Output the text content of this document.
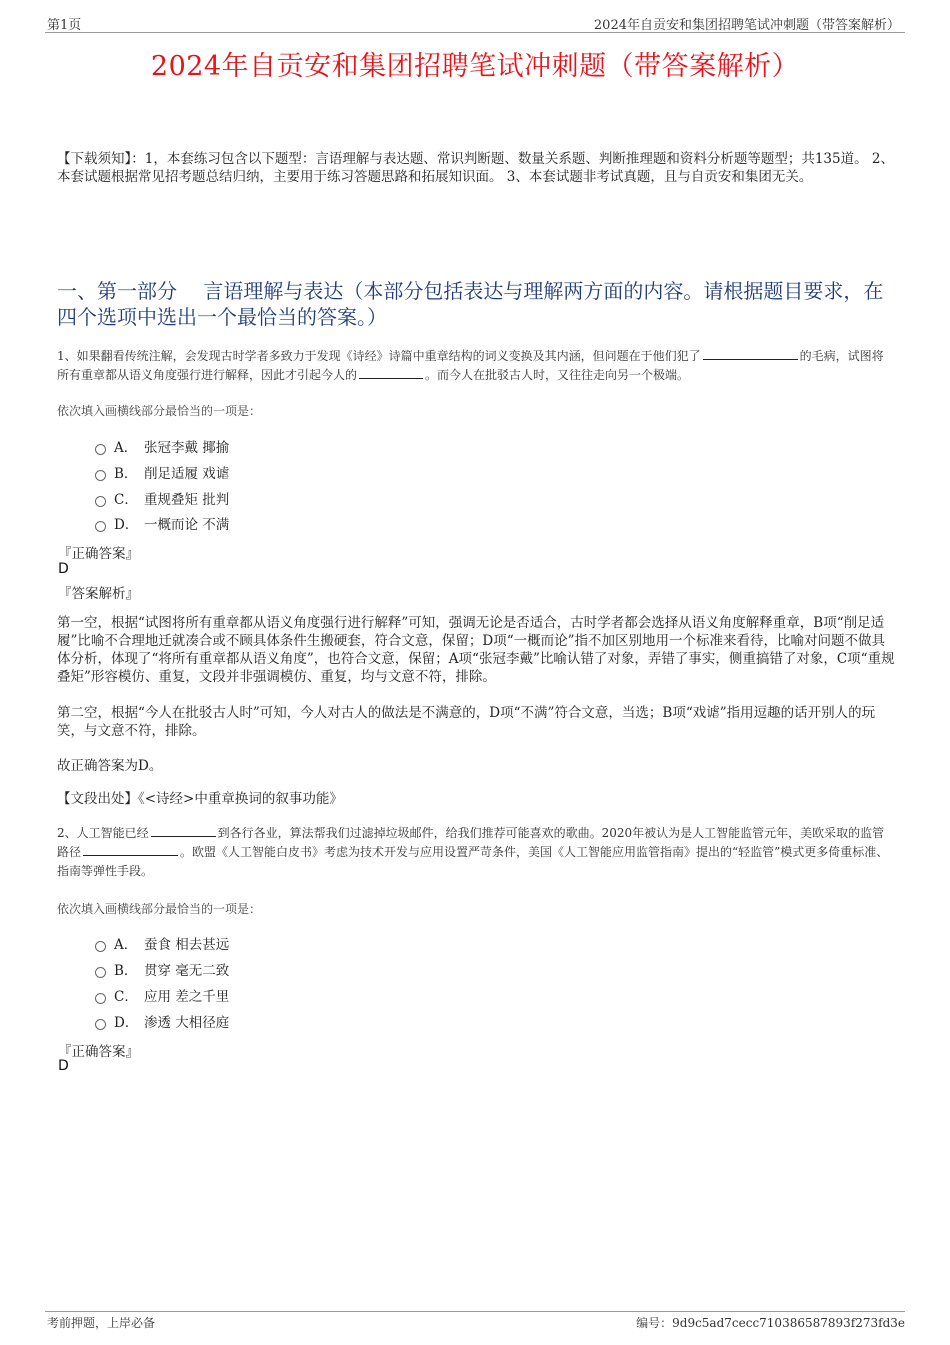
第1页	2024年自贡安和集团招聘笔试冲刺题（带答案解析）
2024年自贡安和集团招聘笔试冲刺题（带答案解析）
【下载须知】：1，本套练习包含以下题型：言语理解与表达题、常识判断题、数量关系题、判断推理题和资料分析题等题型；共135道。 2、本套试题根据常见招考题总结归纳，主要用于练习答题思路和拓展知识面。 3、本套试题非考试真题，且与自贡安和集团无关。
一、第一部分　 言语理解与表达（本部分包括表达与理解两方面的内容。请根据题目要求，在四个选项中选出一个最恰当的答案。）
1、如果翻看传统注解，会发现古时学者多致力于发现《诗经》诗篇中重章结构的词义变换及其内涵，但问题在于他们犯了	的毛病，试图将所有重章都从语义角度强行进行解释，因此才引起今人的	。而今人在批驳古人时，又往往走向另一个极端。
依次填入画横线部分最恰当的一项是：
A． 张冠李戴 揶揄
B． 削足适履 戏谑
C． 重规叠矩 批判
D． 一概而论 不满
『正确答案』
D
『答案解析』
第一空，根据“试图将所有重章都从语义角度强行进行解释”可知，强调无论是否适合，古时学者都会选择从语义角度解释重章，B项“削足适履”比喻不合理地迁就凑合或不顾具体条件生搬硬套，符合文意，保留；D项“一概而论”指不加区别地用一个标准来看待，比喻对问题不做具体分析，体现了“将所有重章都从语义角度”，也符合文意，保留；A项“张冠李戴”比喻认错了对象，弄错了事实，侧重搞错了对象，C项“重规叠矩”形容模仿、重复，文段并非强调模仿、重复，均与文意不符，排除。
第二空，根据“今人在批驳古人时”可知，今人对古人的做法是不满意的，D项“不满”符合文意，当选；B项“戏谑”指用逗趣的话开别人的玩笑，与文意不符，排除。
故正确答案为D。
【文段出处】《<诗经>中重章换词的叙事功能》
2、人工智能已经	到各行各业，算法帮我们过滤掉垃圾邮件，给我们推荐可能喜欢的歌曲。2020年被认为是人工智能监管元年，美欧采取的监管路径	。欧盟《人工智能白皮书》考虑为技术开发与应用设置严苛条件，美国《人工智能应用监管指南》提出的“轻监管”模式更多倚重标准、指南等弹性手段。
依次填入画横线部分最恰当的一项是：
A． 蚕食 相去甚远
B． 贯穿 毫无二致
C． 应用 差之千里
D． 渗透 大相径庭
『正确答案』
D
考前押题，上岸必备	编号：9d9c5ad7cecc710386587893f273fd3e
